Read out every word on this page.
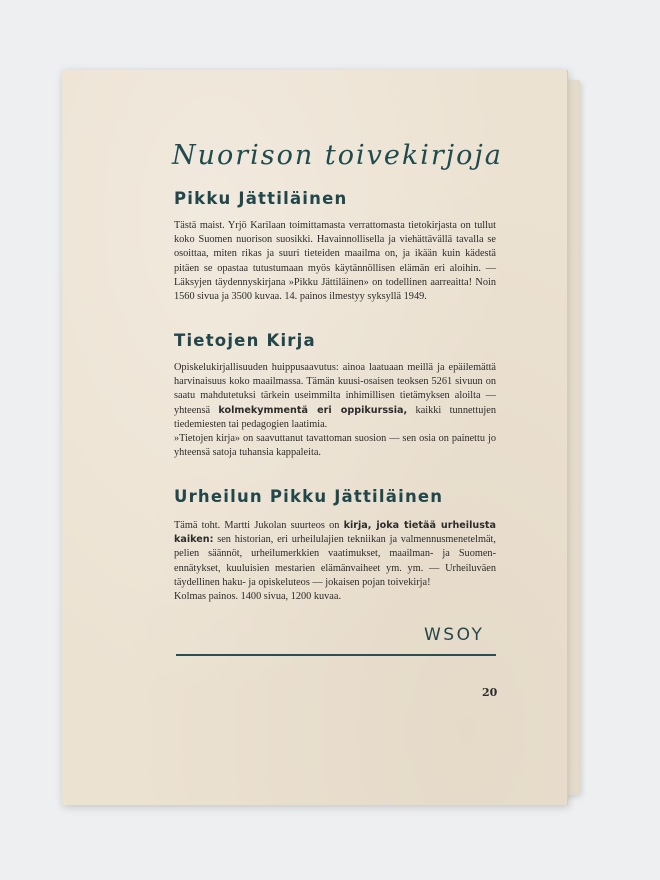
Nuorison toivekirjoja
Pikku Jättiläinen

Tästä maist. Yrjö Karilaan toimittamasta verrattomasta tietokirjasta on tullut koko Suomen nuorison suosikki. Havainnollisella ja viehättävällä tavalla se osoittaa, miten rikas ja suuri tieteiden maailma on, ja ikään kuin kädestä pitäen se opastaa tutustumaan myös käytännöllisen elämän eri aloihin. — Läksyjen täydennyskirjana »Pikku Jättiläinen» on todellinen aarreaitta! Noin 1560 sivua ja 3500 kuvaa. 14. painos ilmestyy syksyllä 1949.

Tietojen Kirja

Opiskelukirjallisuuden huippusaavutus: ainoa laatuaan meillä ja epäilemättä harvinaisuus koko maailmassa. Tämän kuusi-osaisen teoksen 5261 sivuun on saatu mahdutetuksi tärkein useimmilta inhimillisen tietämyksen aloilta — yhteensä kolmekymmentä eri oppikurssia, kaikki tunnettujen tiedemiesten tai pedagogien laatimia.

»Tietojen kirja» on saavuttanut tavattoman suosion — sen osia on painettu jo yhteensä satoja tuhansia kappaleita.

Urheilun Pikku Jättiläinen

Tämä toht. Martti Jukolan suurteos on kirja, joka tietää urheilusta kaiken: sen historian, eri urheilulajien tekniikan ja valmennusmenetelmät, pelien säännöt, urheilumerkkien vaatimukset, maailman- ja Suomen-ennätykset, kuuluisien mestarien elämänvaiheet ym. ym. — Urheiluväen täydellinen haku- ja opiskeluteos — jokaisen pojan toivekirja!

Kolmas painos. 1400 sivua, 1200 kuvaa.

WSOY
20
